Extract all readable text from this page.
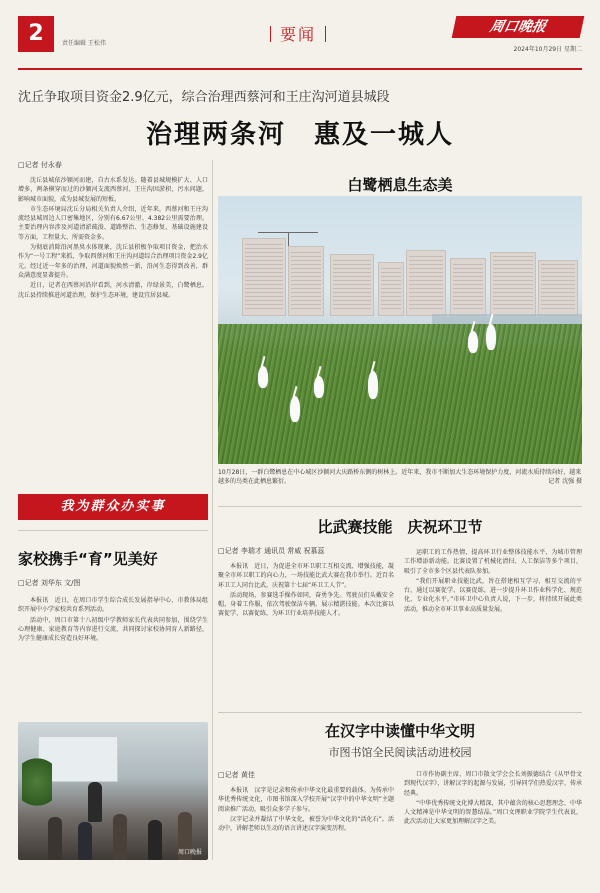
2	责任编辑 王松伟	要闻	周口晚报
2024年10月29日 星期二
沈丘争取项目资金2.9亿元，综合治理西蔡河和王庄沟河道县城段
治理两条河　惠及一城人
□记者 付永春

沈丘县城依沙颍河而建，自古水系发达。随着县城规模扩大、人口增多，两条横穿而过的沙颍河支流西蔡河、王庄沟因淤积、污水问题，影响城市面貌，成为县城发展的短板。

市生态环境局沈丘分局相关负责人介绍，近年来，西蔡河和王庄沟流经县城周边人口密集地区，分别有6.67公里、4.382公里需要治理。主要治理内容涉及河道清淤疏浚、道路整治、生态修复、基础设施建设等方面，工程量大、所需资金多。

为彻底消除沿河黑臭水体现象，沈丘县积极争取项目资金，把治水作为“一号工程”来抓，争取西蔡河和王庄沟河道综合治理项目资金2.9亿元。经过近一年多的治理，河道面貌焕然一新，沿河生态得到改善，群众满意度显著提升。

近日，记者在西蔡河沿岸看到，河水清澈，岸绿景美，白鹭栖息。沈丘县持续推进河道治理，保护生态环境，建设宜居县城。

我为群众办实事
家校携手“育”见美好
□记者 刘华东 文/图

本报讯　近日，在周口市学生综合成长发展指导中心，市教体局组织开展中小学家校共育系列活动。

活动中，周口市第十八初级中学教师家长代表共同参加，围绕学生心理健康、家庭教育等内容进行交流，共同探讨家校协同育人新路径，为学生健康成长营造良好环境。

周口晚报
白鹭栖息生态美
10月28日，一群白鹭栖息在中心城区沙颍河大庆路桥东侧的树林上。近年来，我市不断加大生态环境保护力度，河流水质持续向好，越来越多的鸟类在此栖息繁衍。	记者 沈强 摄
比武赛技能　庆祝环卫节
□记者 李瑞才 通讯员 常威 祝慕蕊

本报讯　近日，为促进全市环卫职工互相交流、增强技能，凝聚全市环卫职工的向心力，一场技能比武大赛在我市举行。近百名环卫工人同台比武，庆祝第十七届“环卫工人节”。

活动现场，参赛选手操作如同，奋勇争先。驾驶员们头戴安全帽，身着工作服，依次驾驶保洁车辆，展示精湛技能。本次比赛以赛促学、以赛促练，为环卫行业培养技能人才。

运职工的工作热情，提高环卫行业整体技能水平，为城市管理工作增添新动能。比赛设置了机械化清扫、人工保洁等多个项目，吸引了全市多个区县代表队参加。

“我们开展职业技能比武，旨在搭建相互学习、相互交流的平台，通过以赛促学、以赛促练，进一步提升环卫作业科学化、规范化、专业化水平。”市环卫中心负责人说，下一步，将持续开展此类活动，推动全市环卫事业高质量发展。

在汉字中读懂中华文明
市图书馆全民阅读活动进校园
□记者 黄佳

本报讯　汉字是记录和传承中华文化最重要的载体。为传承中华优秀传统文化，市图书馆深入学校开展“汉字中的中华文明”主题阅读推广活动，吸引众多学子参与。

汉字记录并凝结了中华文化，被誉为中华文化的“活化石”。活动中，讲解老师以生动的语言讲述汉字演变历程。

口市作协副主席、周口市散文学会会长刘振德结合《从甲骨文到现代汉字》，讲解汉字的起源与发展，引导同学们热爱汉字、传承经典。

“中华优秀传统文化博大精深，其中蕴含的核心思想理念、中华人文精神是中华文明的智慧结晶。”周口文理职业学院学生代表说，此次活动让大家更加理解汉字之美。
